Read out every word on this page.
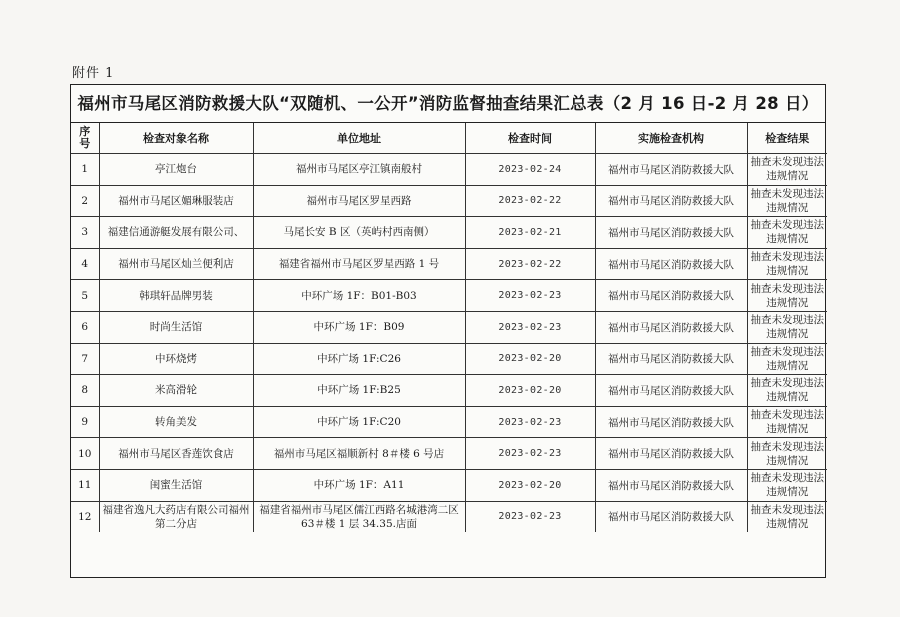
附件 1
福州市马尾区消防救援大队“双随机、一公开”消防监督抽查结果汇总表（2 月 16 日-2 月 28 日）
序号	检查对象名称	单位地址	检查时间	实施检查机构	检查结果
1	亭江炮台	福州市马尾区亭江镇南般村	2023-02-24	福州市马尾区消防救援大队	抽查未发现违法违规情况
2	福州市马尾区媚琳服装店	福州市马尾区罗星西路	2023-02-22	福州市马尾区消防救援大队	抽查未发现违法违规情况
3	福建信通游艇发展有限公司、	马尾长安 B 区（英屿村西南侧）	2023-02-21	福州市马尾区消防救援大队	抽查未发现违法违规情况
4	福州市马尾区灿兰便利店	福建省福州市马尾区罗星西路 1 号	2023-02-22	福州市马尾区消防救援大队	抽查未发现违法违规情况
5	韩琪轩品牌男装	中环广场 1F：B01-B03	2023-02-23	福州市马尾区消防救援大队	抽查未发现违法违规情况
6	时尚生活馆	中环广场 1F：B09	2023-02-23	福州市马尾区消防救援大队	抽查未发现违法违规情况
7	中环烧烤	中环广场 1F:C26	2023-02-20	福州市马尾区消防救援大队	抽查未发现违法违规情况
8	米高滑轮	中环广场 1F:B25	2023-02-20	福州市马尾区消防救援大队	抽查未发现违法违规情况
9	转角美发	中环广场 1F:C20	2023-02-23	福州市马尾区消防救援大队	抽查未发现违法违规情况
10	福州市马尾区香莲饮食店	福州市马尾区福顺新村 8＃楼 6 号店	2023-02-23	福州市马尾区消防救援大队	抽查未发现违法违规情况
11	闺蜜生活馆	中环广场 1F：A11	2023-02-20	福州市马尾区消防救援大队	抽查未发现违法违规情况
12	福建省逸凡大药店有限公司福州第二分店	福建省福州市马尾区儒江西路名城港湾二区 63＃楼 1 层 34.35.店面	2023-02-23	福州市马尾区消防救援大队	抽查未发现违法违规情况
